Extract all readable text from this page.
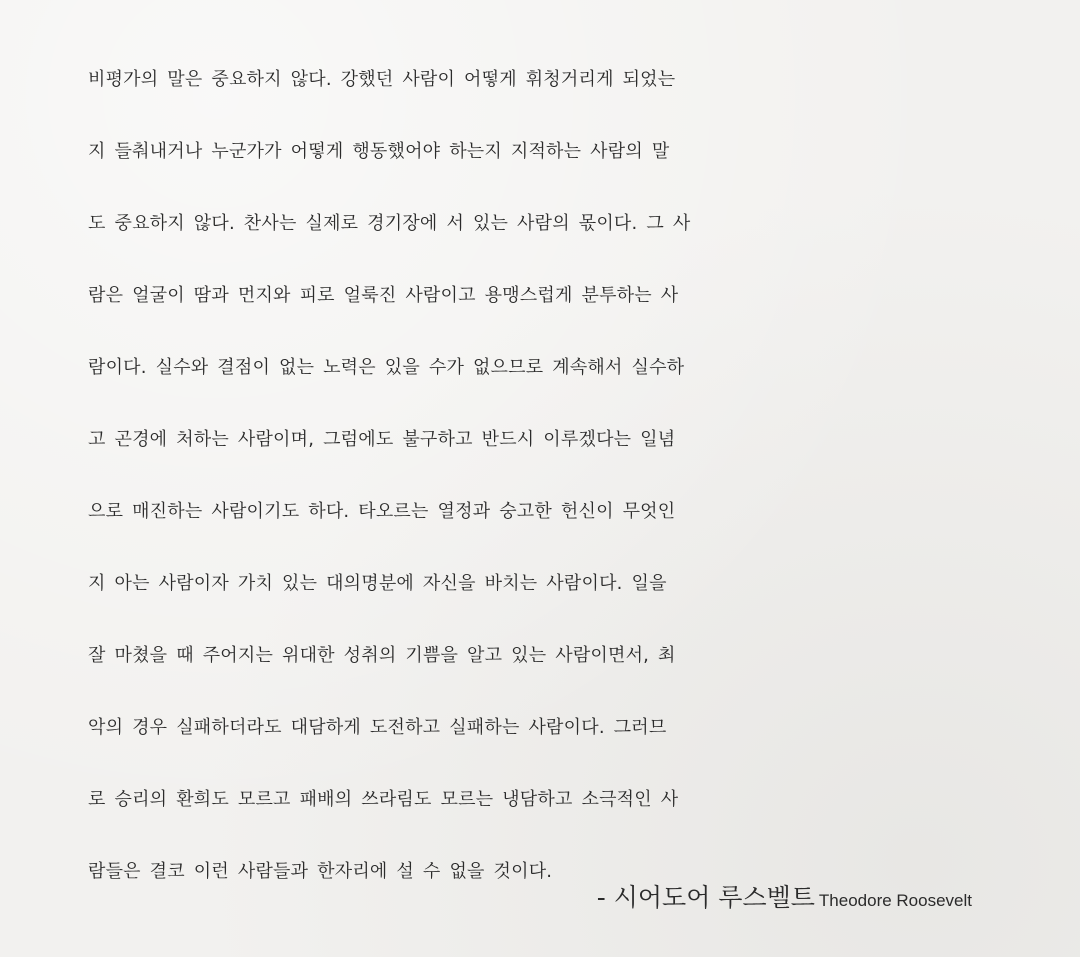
비평가의 말은 중요하지 않다. 강했던 사람이 어떻게 휘청거리게 되었는
지 들춰내거나 누군가가 어떻게 행동했어야 하는지 지적하는 사람의 말
도 중요하지 않다. 찬사는 실제로 경기장에 서 있는 사람의 몫이다. 그 사
람은 얼굴이 땀과 먼지와 피로 얼룩진 사람이고 용맹스럽게 분투하는 사
람이다. 실수와 결점이 없는 노력은 있을 수가 없으므로 계속해서 실수하
고 곤경에 처하는 사람이며, 그럼에도 불구하고 반드시 이루겠다는 일념
으로 매진하는 사람이기도 하다. 타오르는 열정과 숭고한 헌신이 무엇인
지 아는 사람이자 가치 있는 대의명분에 자신을 바치는 사람이다. 일을
잘 마쳤을 때 주어지는 위대한 성취의 기쁨을 알고 있는 사람이면서, 최
악의 경우 실패하더라도 대담하게 도전하고 실패하는 사람이다. 그러므
로 승리의 환희도 모르고 패배의 쓰라림도 모르는 냉담하고 소극적인 사
람들은 결코 이런 사람들과 한자리에 설 수 없을 것이다.
- 시어도어 루스벨트 Theodore Roosevelt
